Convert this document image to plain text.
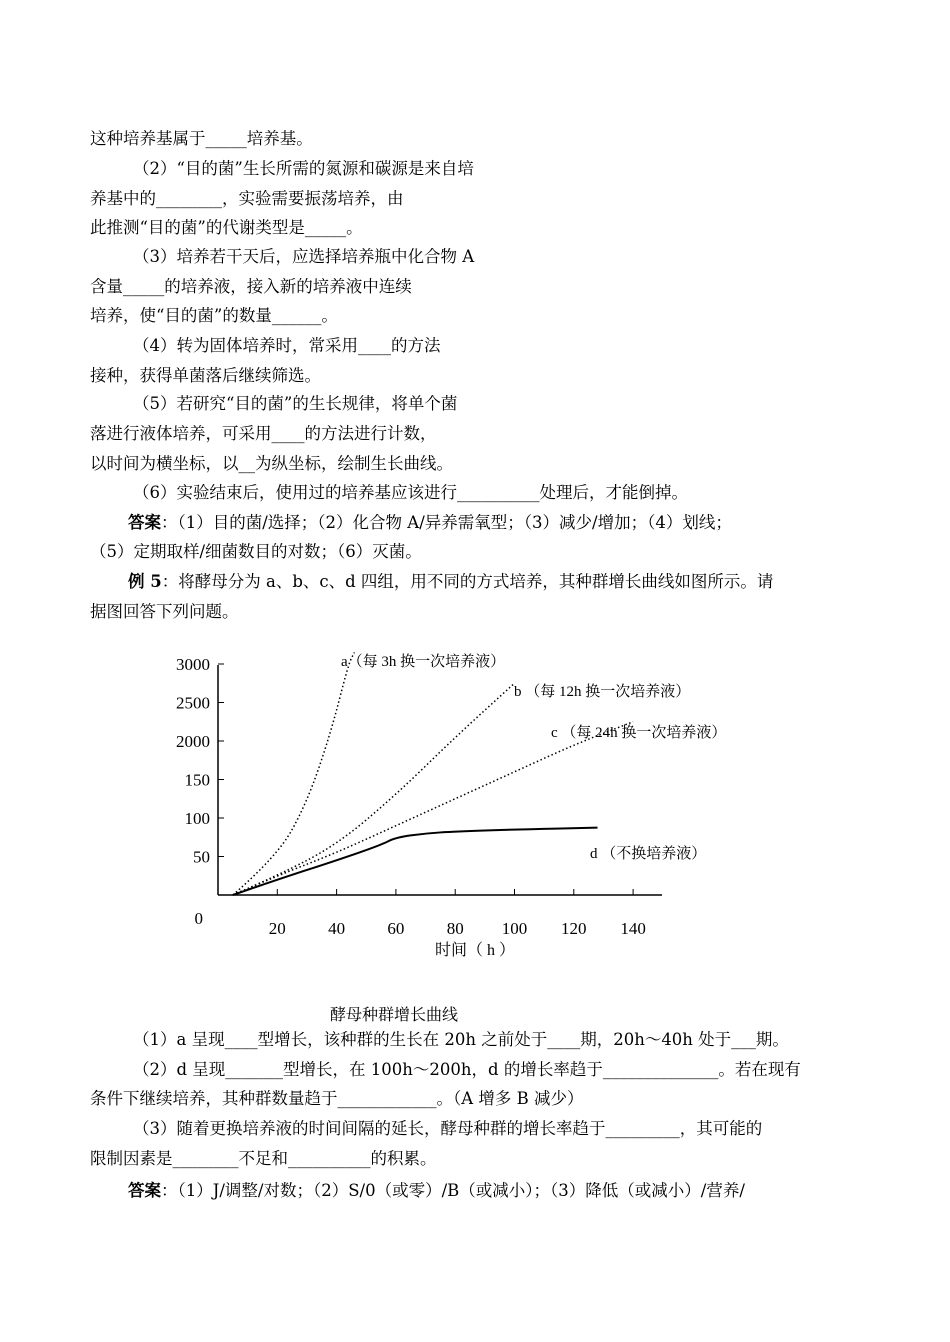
这种培养基属于_____培养基。
（2）“目的菌”生长所需的氮源和碳源是来自培
养基中的________，实验需要振荡培养，由
此推测“目的菌”的代谢类型是_____。
（3）培养若干天后，应选择培养瓶中化合物 A
含量_____的培养液，接入新的培养液中连续
培养，使“目的菌”的数量______。
（4）转为固体培养时，常采用____的方法
接种，获得单菌落后继续筛选。
（5）若研究“目的菌”的生长规律，将单个菌
落进行液体培养，可采用____的方法进行计数，
以时间为横坐标，以__为纵坐标，绘制生长曲线。
（6）实验结束后，使用过的培养基应该进行__________处理后，才能倒掉。
答案：（1）目的菌/选择；（2）化合物 A/异养需氧型；（3）减少/增加；（4）划线；
（5）定期取样/细菌数目的对数；（6）灭菌。
例 5：将酵母分为 a、b、c、d 四组，用不同的方式培养，其种群增长曲线如图所示。请
据图回答下列问题。
20 40 60 80 100 120 140
0
50
100
150
2000
2500
3000	a（每 3h 换一次培养液）
b （每 12h 换一次培养液）
c （每 24h 换一次培养液）
d （不换培养液）
时间（ h ）
酵母种群增长曲线
（1）a 呈现____型增长，该种群的生长在 20h 之前处于____期，20h～40h 处于___期。
（2）d 呈现_______型增长，在 100h～200h，d 的增长率趋于______________。若在现有
条件下继续培养，其种群数量趋于____________。（A 增多 B 减少）
（3）随着更换培养液的时间间隔的延长，酵母种群的增长率趋于_________，其可能的
限制因素是________不足和__________的积累。
答案：（1）J/调整/对数；（2）S/0（或零）/B（或减小）；（3）降低（或减小）/营养/
